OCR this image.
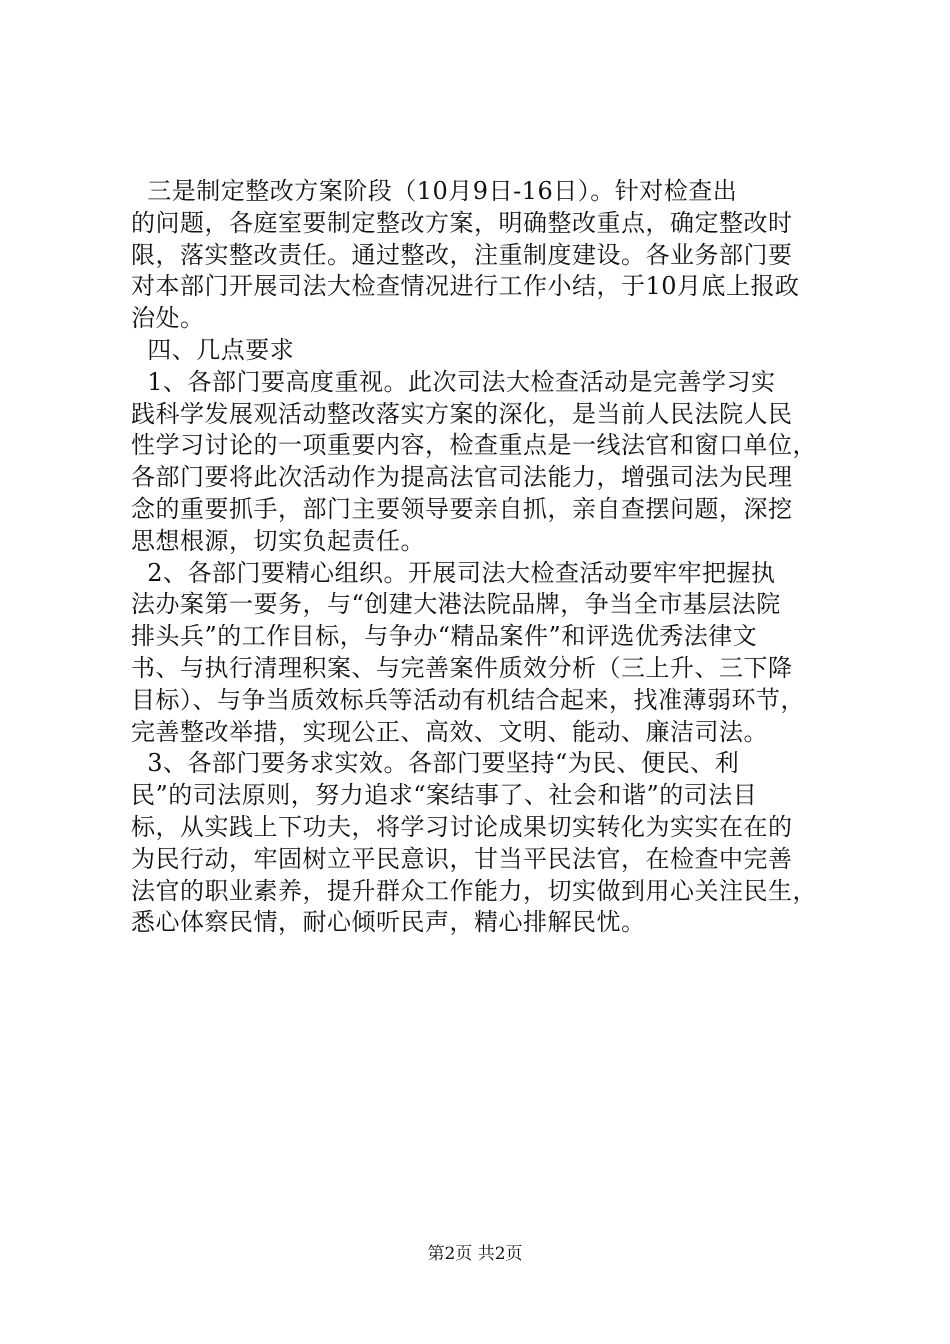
三是制定整改方案阶段（10月9日-16日）。针对检查出
的问题，各庭室要制定整改方案，明确整改重点，确定整改时
限，落实整改责任。通过整改，注重制度建设。各业务部门要
对本部门开展司法大检查情况进行工作小结，于10月底上报政
治处。
四、几点要求
1、各部门要高度重视。此次司法大检查活动是完善学习实
践科学发展观活动整改落实方案的深化，是当前人民法院人民
性学习讨论的一项重要内容，检查重点是一线法官和窗口单位，
各部门要将此次活动作为提高法官司法能力，增强司法为民理
念的重要抓手，部门主要领导要亲自抓，亲自查摆问题，深挖
思想根源，切实负起责任。
2、各部门要精心组织。开展司法大检查活动要牢牢把握执
法办案第一要务，与“创建大港法院品牌，争当全市基层法院
排头兵”的工作目标，与争办“精品案件”和评选优秀法律文
书、与执行清理积案、与完善案件质效分析（三上升、三下降
目标）、与争当质效标兵等活动有机结合起来，找准薄弱环节，
完善整改举措，实现公正、高效、文明、能动、廉洁司法。
3、各部门要务求实效。各部门要坚持“为民、便民、利
民”的司法原则，努力追求“案结事了、社会和谐”的司法目
标，从实践上下功夫，将学习讨论成果切实转化为实实在在的
为民行动，牢固树立平民意识，甘当平民法官，在检查中完善
法官的职业素养，提升群众工作能力，切实做到用心关注民生，
悉心体察民情，耐心倾听民声，精心排解民忧。
第2页 共2页
